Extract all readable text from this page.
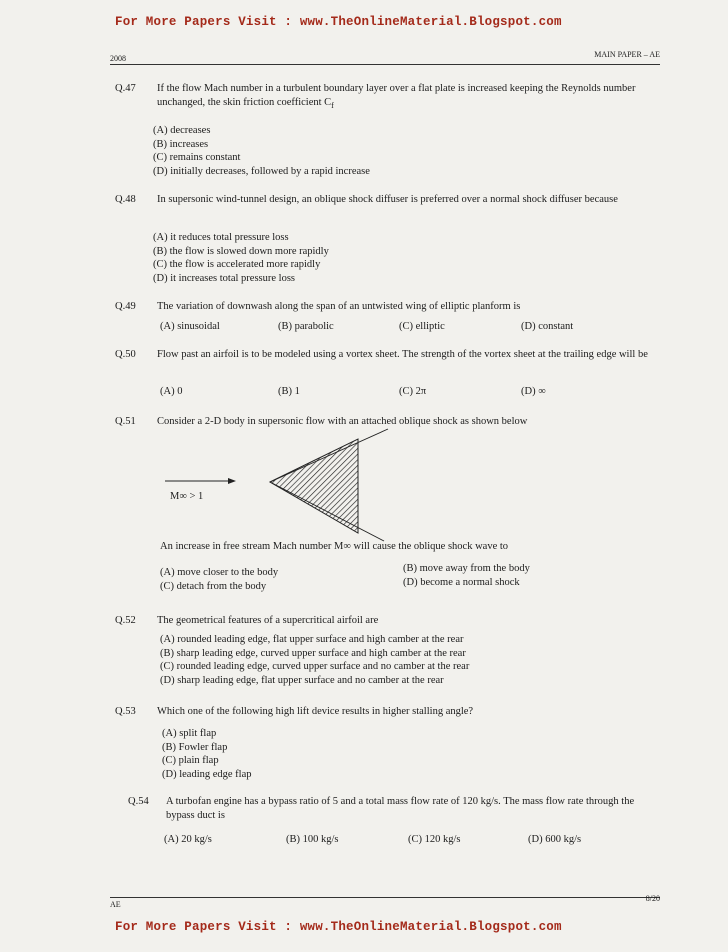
For More Papers Visit : www.TheOnlineMaterial.Blogspot.com
2008	MAIN PAPER – AE
Q.47 If the flow Mach number in a turbulent boundary layer over a flat plate is increased keeping the Reynolds number unchanged, the skin friction coefficient $C_f$
(A) decreases
(B) increases
(C) remains constant
(D) initially decreases, followed by a rapid increase
Q.48 In supersonic wind-tunnel design, an oblique shock diffuser is preferred over a normal shock diffuser because
(A) it reduces total pressure loss
(B) the flow is slowed down more rapidly
(C) the flow is accelerated more rapidly
(D) it increases total pressure loss
Q.49 The variation of downwash along the span of an untwisted wing of elliptic planform is
(A) sinusoidal	(B) parabolic	(C) elliptic	(D) constant
Q.50 Flow past an airfoil is to be modeled using a vortex sheet. The strength of the vortex sheet at the trailing edge will be
(A) 0	(B) 1	(C) 2π	(D) ∞
Q.51 Consider a 2-D body in supersonic flow with an attached oblique shock as shown below
M∞ > 1
An increase in free stream Mach number M∞ will cause the oblique shock wave to
(A) move closer to the body	(B) move away from the body
(C) detach from the body	(D) become a normal shock
Q.52 The geometrical features of a supercritical airfoil are
(A) rounded leading edge, flat upper surface and high camber at the rear
(B) sharp leading edge, curved upper surface and high camber at the rear
(C) rounded leading edge, curved upper surface and no camber at the rear
(D) sharp leading edge, flat upper surface and no camber at the rear
Q.53 Which one of the following high lift device results in higher stalling angle?
(A) split flap
(B) Fowler flap
(C) plain flap
(D) leading edge flap
Q.54 A turbofan engine has a bypass ratio of 5 and a total mass flow rate of 120 kg/s. The mass flow rate through the bypass duct is
(A) 20 kg/s	(B) 100 kg/s	(C) 120 kg/s	(D) 600 kg/s
AE
8/20
For More Papers Visit : www.TheOnlineMaterial.Blogspot.com
